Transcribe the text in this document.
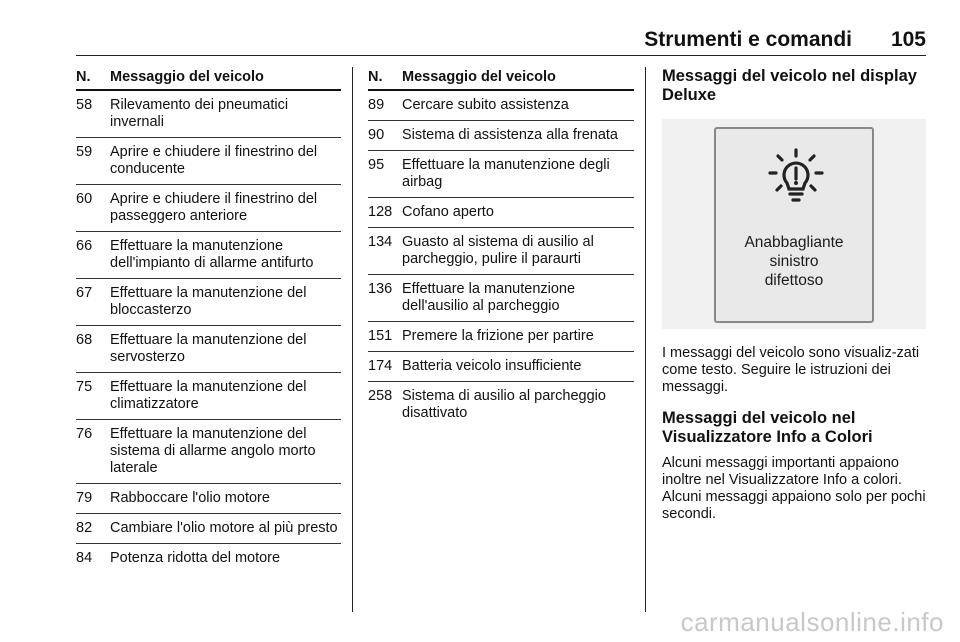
Strumenti e comandi 105
N.	Messaggio del veicolo
58	Rilevamento dei pneumatici invernali
59	Aprire e chiudere il finestrino del conducente
60	Aprire e chiudere il finestrino del passeggero anteriore
66	Effettuare la manutenzione dell'impianto di allarme antifurto
67	Effettuare la manutenzione del bloccasterzo
68	Effettuare la manutenzione del servosterzo
75	Effettuare la manutenzione del climatizzatore
76	Effettuare la manutenzione del sistema di allarme angolo morto laterale
79	Rabboccare l'olio motore
82	Cambiare l'olio motore al più presto
84	Potenza ridotta del motore
N.	Messaggio del veicolo
89	Cercare subito assistenza
90	Sistema di assistenza alla frenata
95	Effettuare la manutenzione degli airbag
128 Cofano aperto
134 Guasto al sistema di ausilio al parcheggio, pulire il paraurti
136 Effettuare la manutenzione dell'ausilio al parcheggio
151 Premere la frizione per partire
174 Batteria veicolo insufficiente
258 Sistema di ausilio al parcheggio disattivato
Messaggi del veicolo nel display Deluxe
Anabbagliante
sinistro
difettoso

I messaggi del veicolo sono visualiz-zati come testo. Seguire le istruzioni dei messaggi.

Messaggi del veicolo nel Visualizzatore Info a Colori

Alcuni messaggi importanti appaiono inoltre nel Visualizzatore Info a colori. Alcuni messaggi appaiono solo per pochi secondi.

carmanualsonline.info
